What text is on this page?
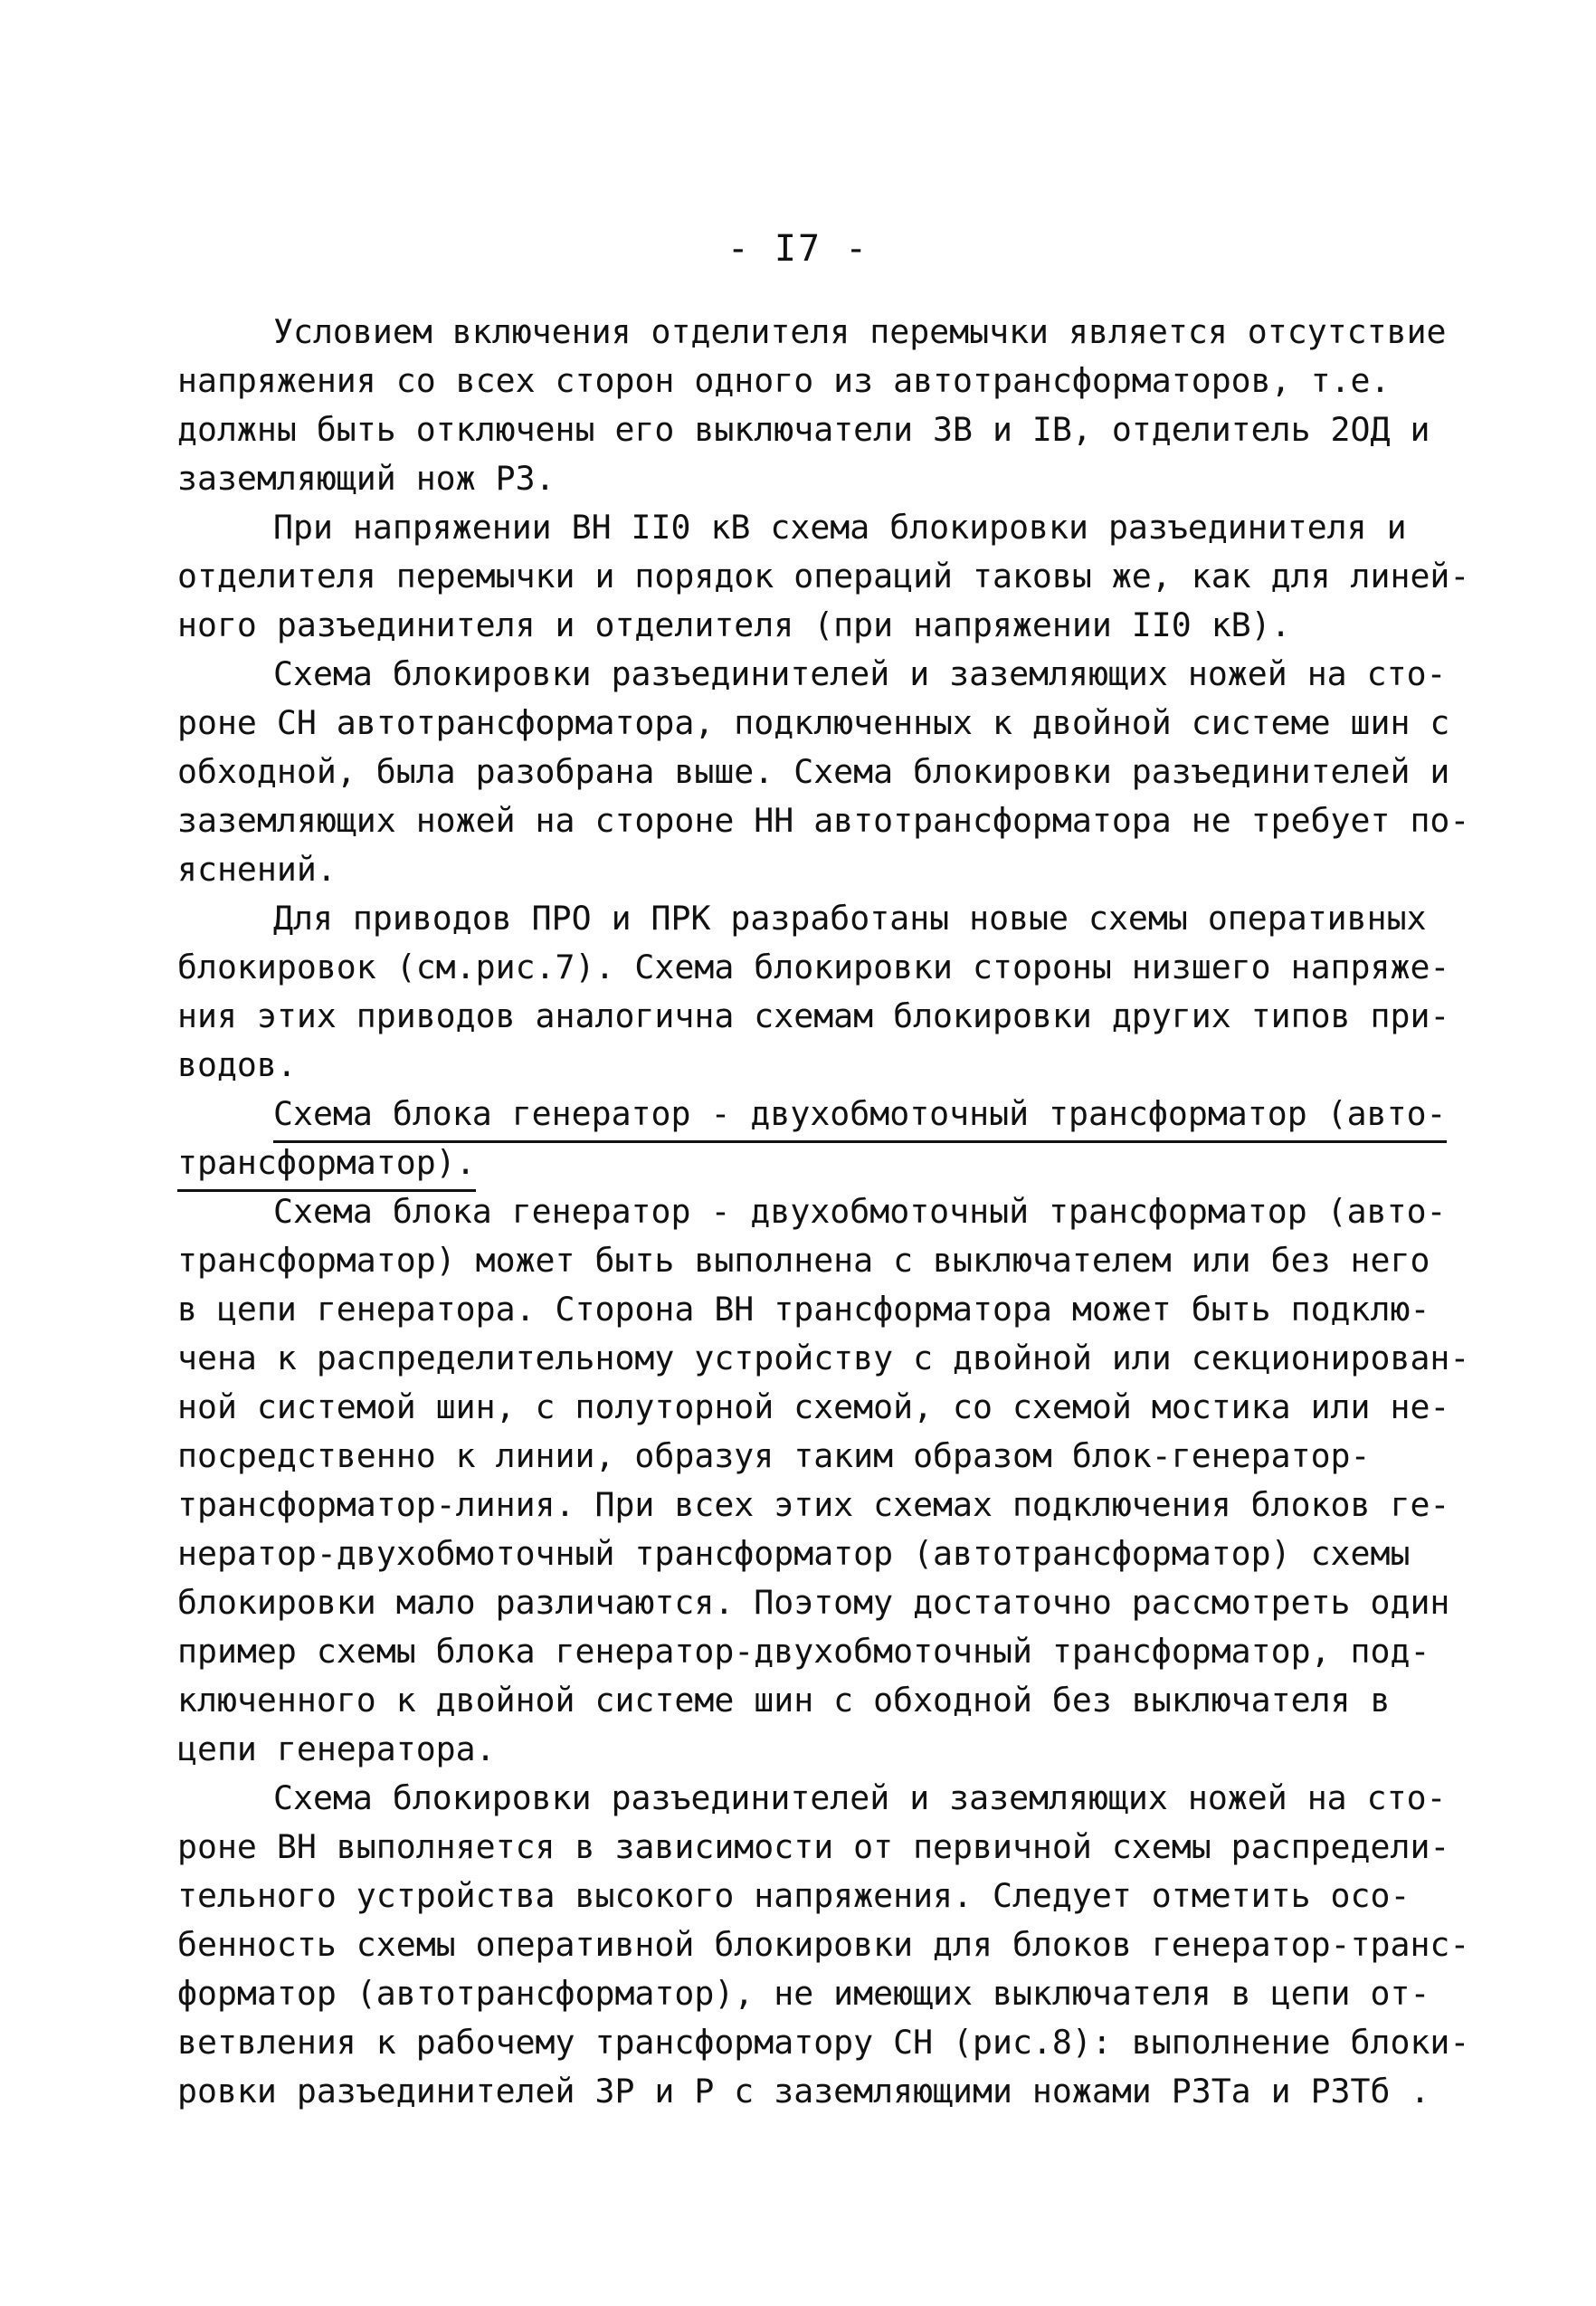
- I7 -
Условием включения отделителя перемычки является отсутствие
напряжения со всех сторон одного из автотрансформаторов, т.е.
должны быть отключены его выключатели ЗВ и IВ, отделитель 2ОД и
заземляющий нож РЗ.
При напряжении ВН II0 кВ схема блокировки разъединителя и
отделителя перемычки и порядок операций таковы же, как для линей-
ного разъединителя и отделителя (при напряжении II0 кВ).
Схема блокировки разъединителей и заземляющих ножей на сто-
роне СН автотрансформатора, подключенных к двойной системе шин с
обходной, была разобрана выше. Схема блокировки разъединителей и
заземляющих ножей на стороне НН автотрансформатора не требует по-
яснений.
Для приводов ПРО и ПРК разработаны новые схемы оперативных
блокировок (см.рис.7). Схема блокировки стороны низшего напряже-
ния этих приводов аналогична схемам блокировки других типов при-
водов.
Схема блока генератор - двухобмоточный трансформатор (авто-
трансформатор).
Схема блока генератор - двухобмоточный трансформатор (авто-
трансформатор) может быть выполнена с выключателем или без него
в цепи генератора. Сторона ВН трансформатора может быть подклю-
чена к распределительному устройству с двойной или секционирован-
ной системой шин, с полуторной схемой, со схемой мостика или не-
посредственно к линии, образуя таким образом блок-генератор-
трансформатор-линия. При всех этих схемах подключения блоков ге-
нератор-двухобмоточный трансформатор (автотрансформатор) схемы
блокировки мало различаются. Поэтому достаточно рассмотреть один
пример схемы блока генератор-двухобмоточный трансформатор, под-
ключенного к двойной системе шин с обходной без выключателя в
цепи генератора.
Схема блокировки разъединителей и заземляющих ножей на сто-
роне ВН выполняется в зависимости от первичной схемы распредели-
тельного устройства высокого напряжения. Следует отметить осо-
бенность схемы оперативной блокировки для блоков генератор-транс-
форматор (автотрансформатор), не имеющих выключателя в цепи от-
ветвления к рабочему трансформатору СН (рис.8): выполнение блоки-
ровки разъединителей ЗР и Р с заземляющими ножами РЗТа и РЗТб .
